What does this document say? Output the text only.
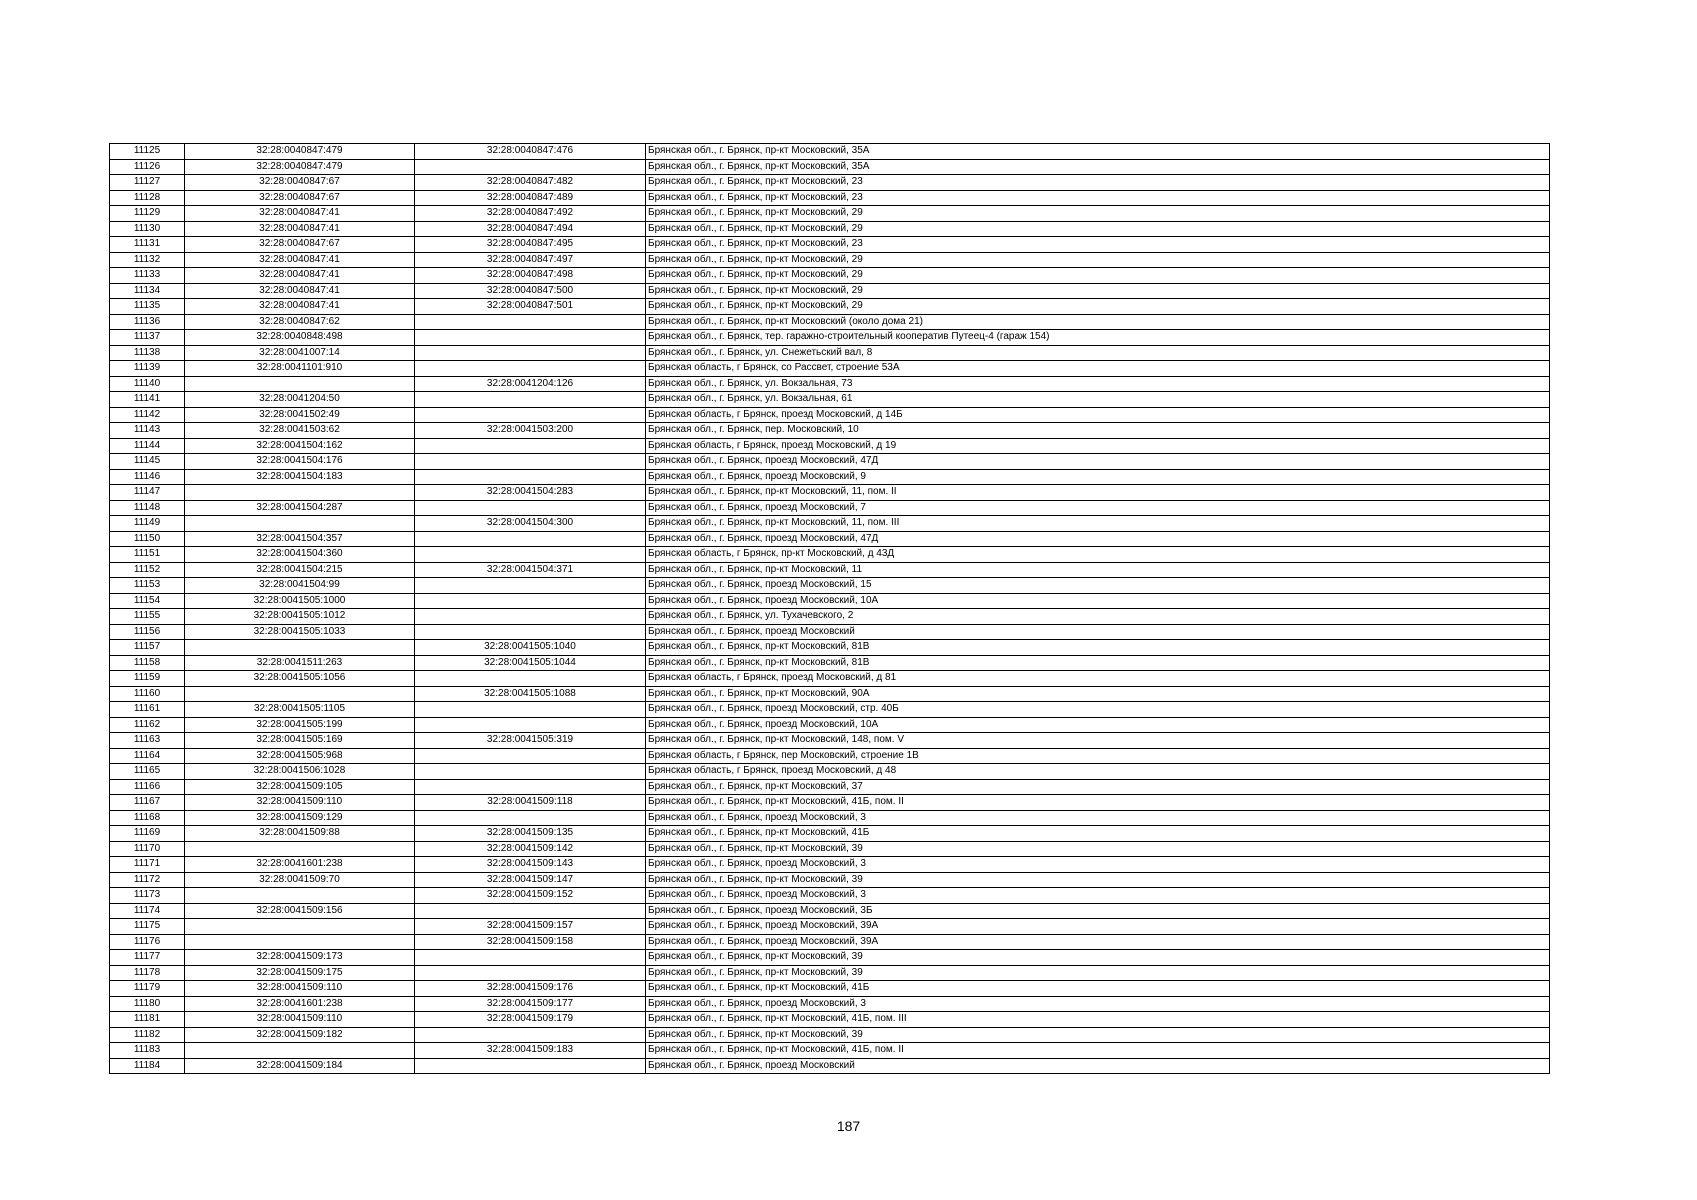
11125	32:28:0040847:479	32:28:0040847:476	Брянская обл., г. Брянск, пр-кт Московский, 35А
11126	32:28:0040847:479		Брянская обл., г. Брянск, пр-кт Московский, 35А
11127	32:28:0040847:67	32:28:0040847:482	Брянская обл., г. Брянск, пр-кт Московский, 23
11128	32:28:0040847:67	32:28:0040847:489	Брянская обл., г. Брянск, пр-кт Московский, 23
11129	32:28:0040847:41	32:28:0040847:492	Брянская обл., г. Брянск, пр-кт Московский, 29
11130	32:28:0040847:41	32:28:0040847:494	Брянская обл., г. Брянск, пр-кт Московский, 29
11131	32:28:0040847:67	32:28:0040847:495	Брянская обл., г. Брянск, пр-кт Московский, 23
11132	32:28:0040847:41	32:28:0040847:497	Брянская обл., г. Брянск, пр-кт Московский, 29
11133	32:28:0040847:41	32:28:0040847:498	Брянская обл., г. Брянск, пр-кт Московский, 29
11134	32:28:0040847:41	32:28:0040847:500	Брянская обл., г. Брянск, пр-кт Московский, 29
11135	32:28:0040847:41	32:28:0040847:501	Брянская обл., г. Брянск, пр-кт Московский, 29
11136	32:28:0040847:62		Брянская обл., г. Брянск, пр-кт Московский (около дома 21)
11137	32:28:0040848:498		Брянская обл., г. Брянск, тер. гаражно-строительный кооператив Путеец-4 (гараж 154)
11138	32:28:0041007:14		Брянская обл., г. Брянск, ул. Снежетьский вал, 8
11139	32:28:0041101:910		Брянская область, г Брянск, со Рассвет, строение 53А
11140		32:28:0041204:126	Брянская обл., г. Брянск, ул. Вокзальная, 73
11141	32:28:0041204:50		Брянская обл., г. Брянск, ул. Вокзальная, 61
11142	32:28:0041502:49		Брянская область, г Брянск, проезд Московский, д 14Б
11143	32:28:0041503:62	32:28:0041503:200	Брянская обл., г. Брянск, пер. Московский, 10
11144	32:28:0041504:162		Брянская область, г Брянск, проезд Московский, д 19
11145	32:28:0041504:176		Брянская обл., г. Брянск, проезд Московский, 47Д
11146	32:28:0041504:183		Брянская обл., г. Брянск, проезд Московский, 9
11147		32:28:0041504:283	Брянская обл., г. Брянск, пр-кт Московский, 11, пом. II
11148	32:28:0041504:287		Брянская обл., г. Брянск, проезд Московский, 7
11149		32:28:0041504:300	Брянская обл., г. Брянск, пр-кт Московский, 11, пом. III
11150	32:28:0041504:357		Брянская обл., г. Брянск, проезд Московский, 47Д
11151	32:28:0041504:360		Брянская область, г Брянск, пр-кт Московский, д 43Д
11152	32:28:0041504:215	32:28:0041504:371	Брянская обл., г. Брянск, пр-кт Московский, 11
11153	32:28:0041504:99		Брянская обл., г. Брянск, проезд Московский, 15
11154	32:28:0041505:1000		Брянская обл., г. Брянск, проезд Московский, 10А
11155	32:28:0041505:1012		Брянская обл., г. Брянск, ул. Тухачевского, 2
11156	32:28:0041505:1033		Брянская обл., г. Брянск, проезд Московский
11157		32:28:0041505:1040	Брянская обл., г. Брянск, пр-кт Московский, 81В
11158	32:28:0041511:263	32:28:0041505:1044	Брянская обл., г. Брянск, пр-кт Московский, 81В
11159	32:28:0041505:1056		Брянская область, г Брянск, проезд Московский, д 81
11160		32:28:0041505:1088	Брянская обл., г. Брянск, пр-кт Московский, 90А
11161	32:28:0041505:1105		Брянская обл., г. Брянск, проезд Московский, стр. 40Б
11162	32:28:0041505:199		Брянская обл., г. Брянск, проезд Московский, 10А
11163	32:28:0041505:169	32:28:0041505:319	Брянская обл., г. Брянск, пр-кт Московский, 148, пом. V
11164	32:28:0041505:968		Брянская область, г Брянск, пер Московский, строение 1В
11165	32:28:0041506:1028		Брянская область, г Брянск, проезд Московский, д 48
11166	32:28:0041509:105		Брянская обл., г. Брянск, пр-кт Московский, 37
11167	32:28:0041509:110	32:28:0041509:118	Брянская обл., г. Брянск, пр-кт Московский, 41Б, пом. II
11168	32:28:0041509:129		Брянская обл., г. Брянск, проезд Московский, 3
11169	32:28:0041509:88	32:28:0041509:135	Брянская обл., г. Брянск, пр-кт Московский, 41Б
11170		32:28:0041509:142	Брянская обл., г. Брянск, пр-кт Московский, 39
11171	32:28:0041601:238	32:28:0041509:143	Брянская обл., г. Брянск, проезд Московский, 3
11172	32:28:0041509:70	32:28:0041509:147	Брянская обл., г. Брянск, пр-кт Московский, 39
11173		32:28:0041509:152	Брянская обл., г. Брянск, проезд Московский, 3
11174	32:28:0041509:156		Брянская обл., г. Брянск, проезд Московский, 3Б
11175		32:28:0041509:157	Брянская обл., г. Брянск, проезд Московский, 39А
11176		32:28:0041509:158	Брянская обл., г. Брянск, проезд Московский, 39А
11177	32:28:0041509:173		Брянская обл., г. Брянск, пр-кт Московский, 39
11178	32:28:0041509:175		Брянская обл., г. Брянск, пр-кт Московский, 39
11179	32:28:0041509:110	32:28:0041509:176	Брянская обл., г. Брянск, пр-кт Московский, 41Б
11180	32:28:0041601:238	32:28:0041509:177	Брянская обл., г. Брянск, проезд Московский, 3
11181	32:28:0041509:110	32:28:0041509:179	Брянская обл., г. Брянск, пр-кт Московский, 41Б, пом. III
11182	32:28:0041509:182		Брянская обл., г. Брянск, пр-кт Московский, 39
11183		32:28:0041509:183	Брянская обл., г. Брянск, пр-кт Московский, 41Б, пом. II
11184	32:28:0041509:184		Брянская обл., г. Брянск, проезд Московский
187
